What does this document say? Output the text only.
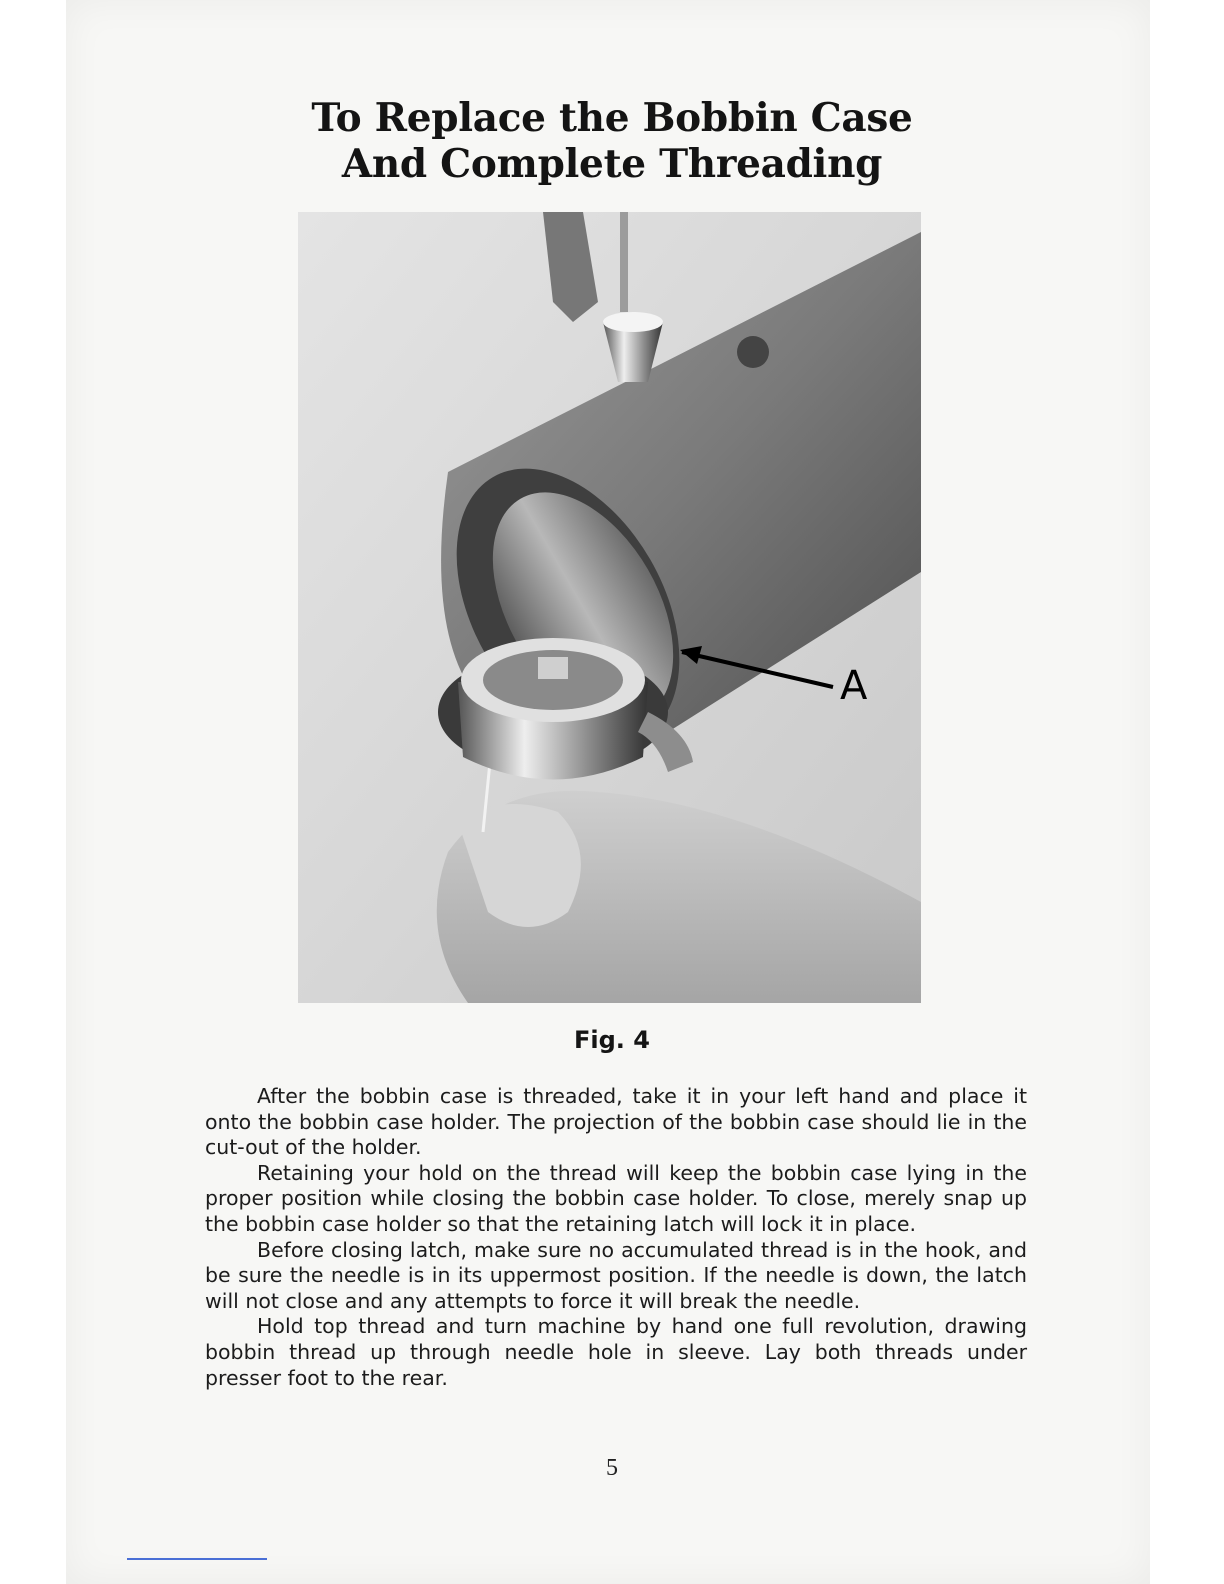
To Replace the Bobbin Case
And Complete Threading
A
Fig. 4

After the bobbin case is threaded, take it in your left hand and place it onto the bobbin case holder. The projection of the bobbin case should lie in the cut-out of the holder.

Retaining your hold on the thread will keep the bobbin case lying in the proper position while closing the bobbin case holder. To close, merely snap up the bobbin case holder so that the retaining latch will lock it in place.

Before closing latch, make sure no accumulated thread is in the hook, and be sure the needle is in its uppermost position. If the needle is down, the latch will not close and any attempts to force it will break the needle.

Hold top thread and turn machine by hand one full revolution, drawing bobbin thread up through needle hole in sleeve. Lay both threads under presser foot to the rear.

5
